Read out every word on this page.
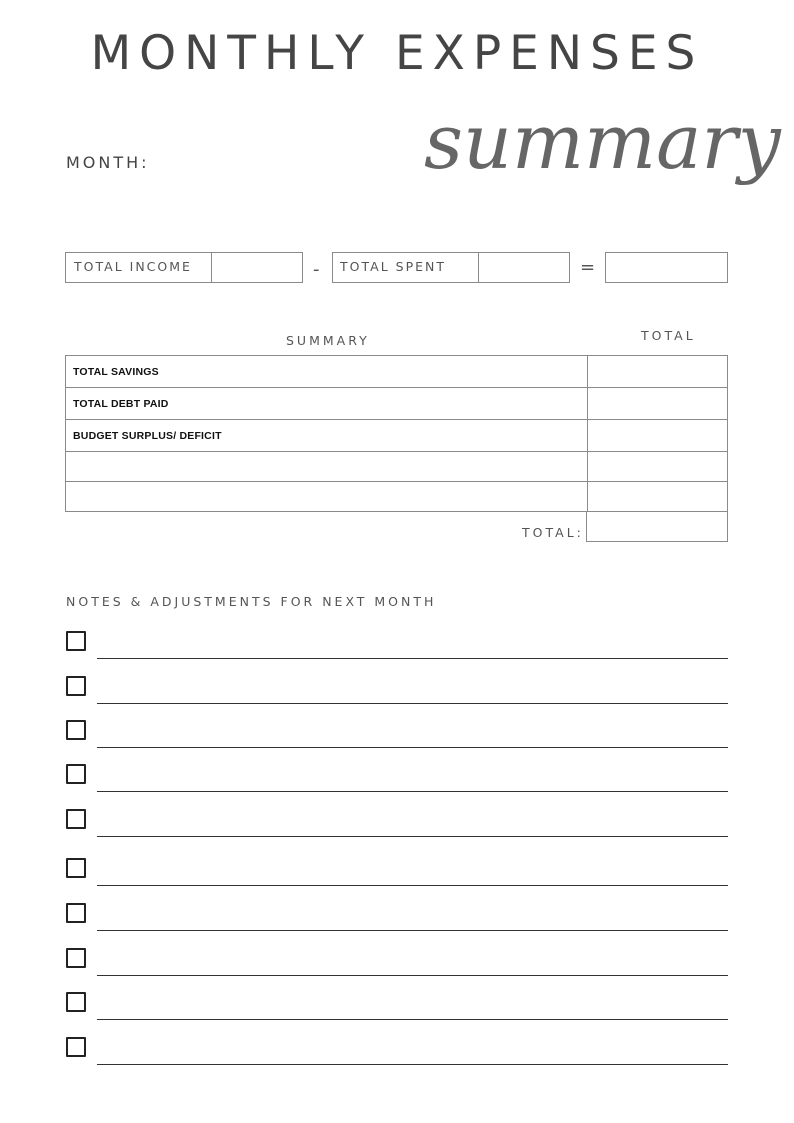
MONTHLY EXPENSES
summary
MONTH:
TOTAL INCOME	- TOTAL SPENT	=
SUMMARY	TOTAL
TOTAL SAVINGS
TOTAL DEBT PAID
BUDGET SURPLUS/ DEFICIT
TOTAL:
NOTES & ADJUSTMENTS FOR NEXT MONTH
